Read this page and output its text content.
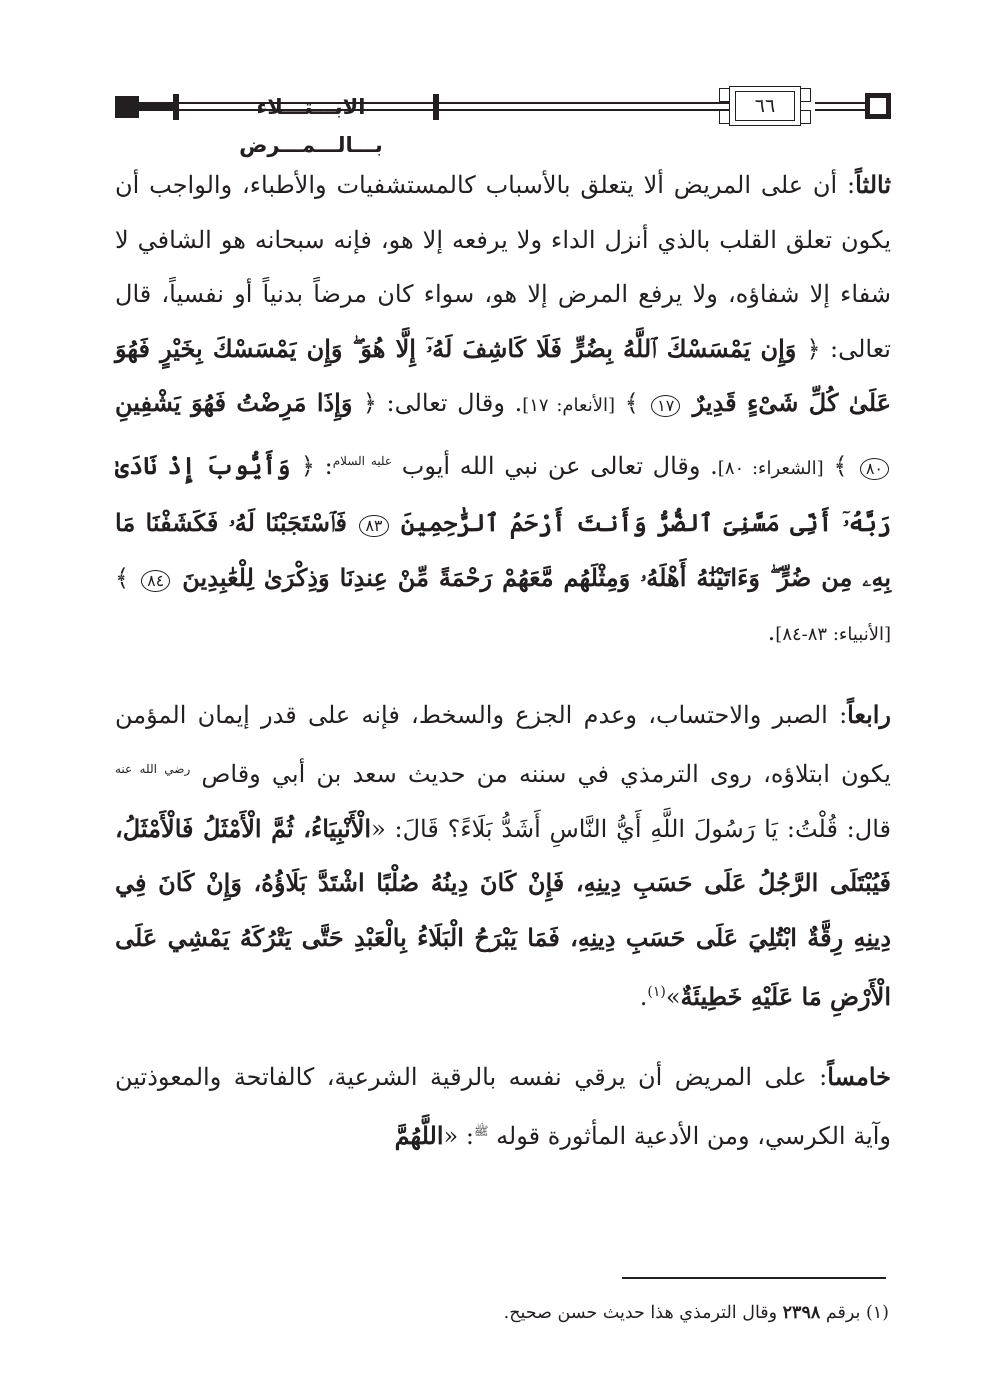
الابـــتـــلاء بـــالـــمـــرض
٦٦

ثالثاً: أن على المريض ألا يتعلق بالأسباب كالمستشفيات والأطباء، والواجب أن يكون تعلق القلب بالذي أنزل الداء ولا يرفعه إلا هو، فإنه سبحانه هو الشافي لا شفاء إلا شفاؤه، ولا يرفع المرض إلا هو، سواء كان مرضاً بدنياً أو نفسياً، قال تعالى: ﴿ وَإِن يَمْسَسْكَ ٱللَّهُ بِضُرٍّ فَلَا كَاشِفَ لَهُۥٓ إِلَّا هُوَ ۖ وَإِن يَمْسَسْكَ بِخَيْرٍ فَهُوَ عَلَىٰ كُلِّ شَىْءٍ قَدِيرٌ ١٧ ﴾ [الأنعام: ١٧]. وقال تعالى: ﴿ وَإِذَا مَرِضْتُ فَهُوَ يَشْفِينِ ٨٠ ﴾ [الشعراء: ٨٠]. وقال تعالى عن نبي الله أيوب $^{عليه السلام}$: ﴿ وَأَيُّوبَ إِذْ نَادَىٰ رَبَّهُۥٓ أَنِّى مَسَّنِىَ ٱلضُّرُّ وَأَنتَ أَرْحَمُ ٱلرَّٰحِمِينَ ٨٣ فَٱسْتَجَبْنَا لَهُۥ فَكَشَفْنَا مَا بِهِۦ مِن ضُرٍّ ۖ وَءَاتَيْنَٰهُ أَهْلَهُۥ وَمِثْلَهُم مَّعَهُمْ رَحْمَةً مِّنْ عِندِنَا وَذِكْرَىٰ لِلْعَٰبِدِينَ ٨٤ ﴾ [الأنبياء: ٨٣-٨٤].

رابعاً: الصبر والاحتساب، وعدم الجزع والسخط، فإنه على قدر إيمان المؤمن يكون ابتلاؤه، روى الترمذي في سننه من حديث سعد بن أبي وقاص $^{رضي الله عنه}$ قال: قُلْتُ: يَا رَسُولَ اللَّهِ أَيُّ النَّاسِ أَشَدُّ بَلَاءً؟ قَالَ: «الْأَنْبِيَاءُ، ثُمَّ الْأَمْثَلُ فَالْأَمْثَلُ، فَيُبْتَلَى الرَّجُلُ عَلَى حَسَبِ دِينِهِ، فَإِنْ كَانَ دِينُهُ صُلْبًا اشْتَدَّ بَلَاؤُهُ، وَإِنْ كَانَ فِي دِينِهِ رِقَّةٌ ابْتُلِيَ عَلَى حَسَبِ دِينِهِ، فَمَا يَبْرَحُ الْبَلَاءُ بِالْعَبْدِ حَتَّى يَتْرُكَهُ يَمْشِي عَلَى الْأَرْضِ مَا عَلَيْهِ خَطِيئَةٌ»$^{(١)}$.

خامساً: على المريض أن يرقي نفسه بالرقية الشرعية، كالفاتحة والمعوذتين وآية الكرسي، ومن الأدعية المأثورة قوله $^ﷺ$: «اللَّهُمَّ

(١) برقم ٢٣٩٨ وقال الترمذي هذا حديث حسن صحيح.
